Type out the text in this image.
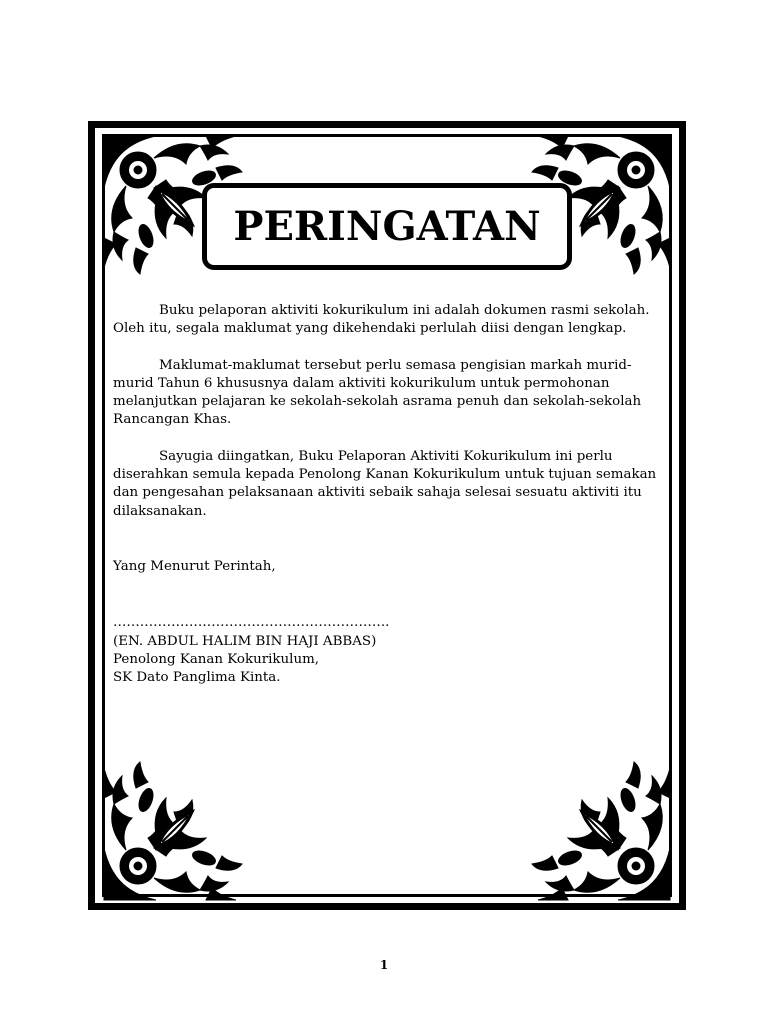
PERINGATAN

Buku pelaporan aktiviti kokurikulum ini adalah dokumen rasmi sekolah. Oleh itu, segala maklumat yang dikehendaki perlulah diisi dengan lengkap.

Maklumat-maklumat tersebut perlu semasa pengisian markah murid-murid Tahun 6 khususnya dalam aktiviti kokurikulum untuk permohonan melanjutkan pelajaran ke sekolah-sekolah asrama penuh dan sekolah-sekolah Rancangan Khas.

Sayugia diingatkan, Buku Pelaporan Aktiviti Kokurikulum ini perlu diserahkan semula kepada Penolong Kanan Kokurikulum untuk tujuan semakan dan pengesahan pelaksanaan aktiviti sebaik sahaja selesai sesuatu aktiviti itu dilaksanakan.

Yang Menurut Perintah,
……………………………………………………..
(EN. ABDUL HALIM BIN HAJI ABBAS)
Penolong Kanan Kokurikulum,
SK Dato Panglima Kinta.
1
